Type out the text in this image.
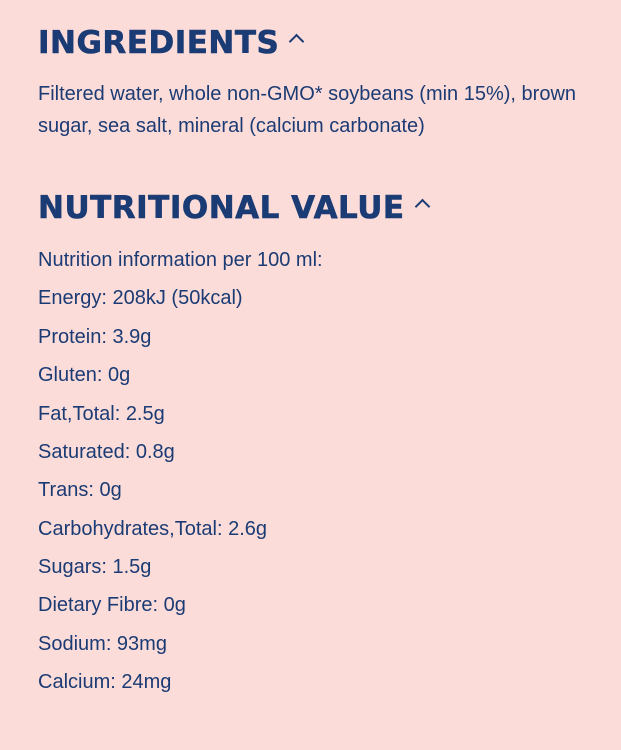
INGREDIENTS
Filtered water, whole non-GMO* soybeans (min 15%), brown sugar, sea salt, mineral (calcium carbonate)
NUTRITIONAL VALUE
Nutrition information per 100 ml:
Energy: 208kJ (50kcal)
Protein: 3.9g
Gluten: 0g
Fat,Total: 2.5g
Saturated: 0.8g
Trans: 0g
Carbohydrates,Total: 2.6g
Sugars: 1.5g
Dietary Fibre: 0g
Sodium: 93mg
Calcium: 24mg
